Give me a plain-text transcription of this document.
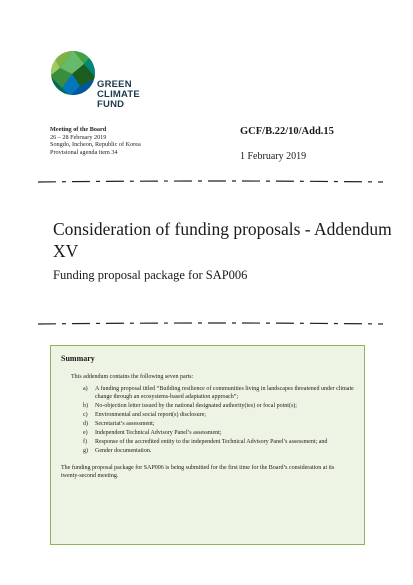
GREEN
CLIMATE
FUND
Meeting of the Board
26 – 28 February 2019
Songdo, Incheon, Republic of Korea
Provisional agenda item 34
GCF/B.22/10/Add.15
1 February 2019
Consideration of funding proposals - Addendum XV
Funding proposal package for SAP006
Summary
This addendum contains the following seven parts:
a)	A funding proposal titled “Building resilience of communities living in landscapes threatened under climate change through an ecosystems-based adaptation approach”;
b)	No-objection letter issued by the national designated authority(ies) or focal point(s);
c)	Environmental and social report(s) disclosure;
d)	Secretariat’s assessment;
e)	Independent Technical Advisory Panel’s assessment;
f)	Response of the accredited entity to the independent Technical Advisory Panel’s assessment; and
g)	Gender documentation.
The funding proposal package for SAP006 is being submitted for the first time for the Board’s consideration at its twenty-second meeting.
